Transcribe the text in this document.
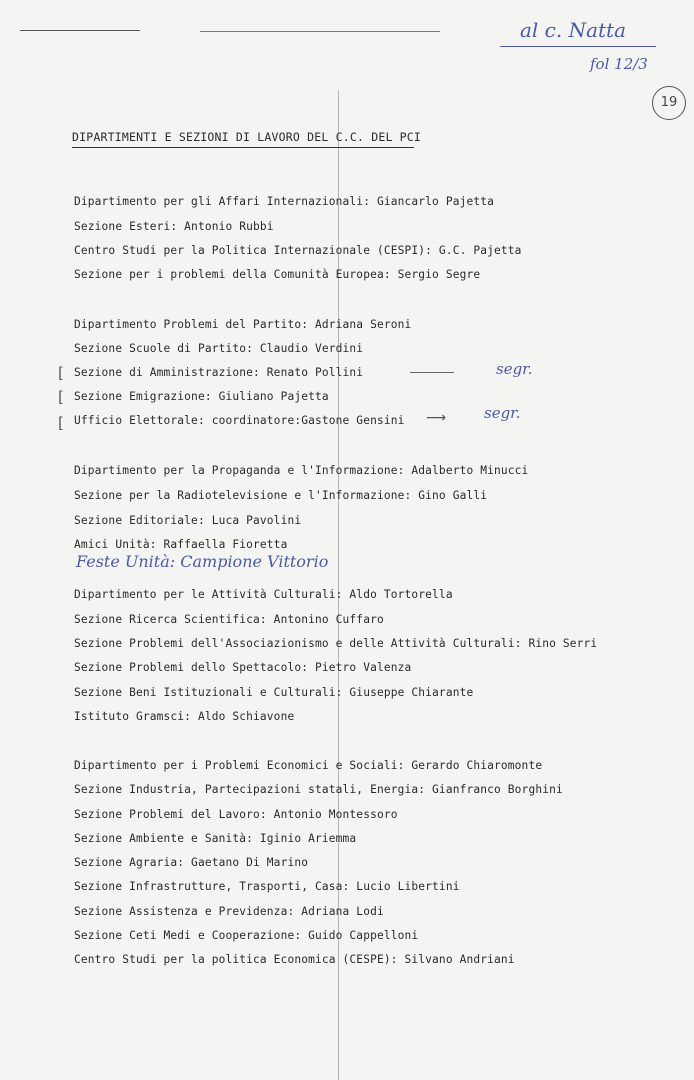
al c. Natta
fol 12/3
19
DIPARTIMENTI E SEZIONI DI LAVORO DEL C.C. DEL PCI
Dipartimento per gli Affari Internazionali: Giancarlo Pajetta
Sezione Esteri: Antonio Rubbi
Centro Studi per la Politica Internazionale (CESPI): G.C. Pajetta
Sezione per i problemi della Comunità Europea: Sergio Segre
Dipartimento Problemi del Partito: Adriana Seroni
Sezione Scuole di Partito: Claudio Verdini
Sezione di Amministrazione: Renato Pollini
Sezione Emigrazione: Giuliano Pajetta
Ufficio Elettorale: coordinatore:Gastone Gensini
[
[
[
segr.
⟶	segr.
Dipartimento per la Propaganda e l'Informazione: Adalberto Minucci
Sezione per la Radiotelevisione e l'Informazione: Gino Galli
Sezione Editoriale: Luca Pavolini
Amici Unità: Raffaella Fioretta
Feste Unità: Campione Vittorio
Dipartimento per le Attività Culturali: Aldo Tortorella
Sezione Ricerca Scientifica: Antonino Cuffaro
Sezione Problemi dell'Associazionismo e delle Attività Culturali: Rino Serri
Sezione Problemi dello Spettacolo: Pietro Valenza
Sezione Beni Istituzionali e Culturali: Giuseppe Chiarante
Istituto Gramsci: Aldo Schiavone
Dipartimento per i Problemi Economici e Sociali: Gerardo Chiaromonte
Sezione Industria, Partecipazioni statali, Energia: Gianfranco Borghini
Sezione Problemi del Lavoro: Antonio Montessoro
Sezione Ambiente e Sanità: Iginio Ariemma
Sezione Agraria: Gaetano Di Marino
Sezione Infrastrutture, Trasporti, Casa: Lucio Libertini
Sezione Assistenza e Previdenza: Adriana Lodi
Sezione Ceti Medi e Cooperazione: Guido Cappelloni
Centro Studi per la politica Economica (CESPE): Silvano Andriani
